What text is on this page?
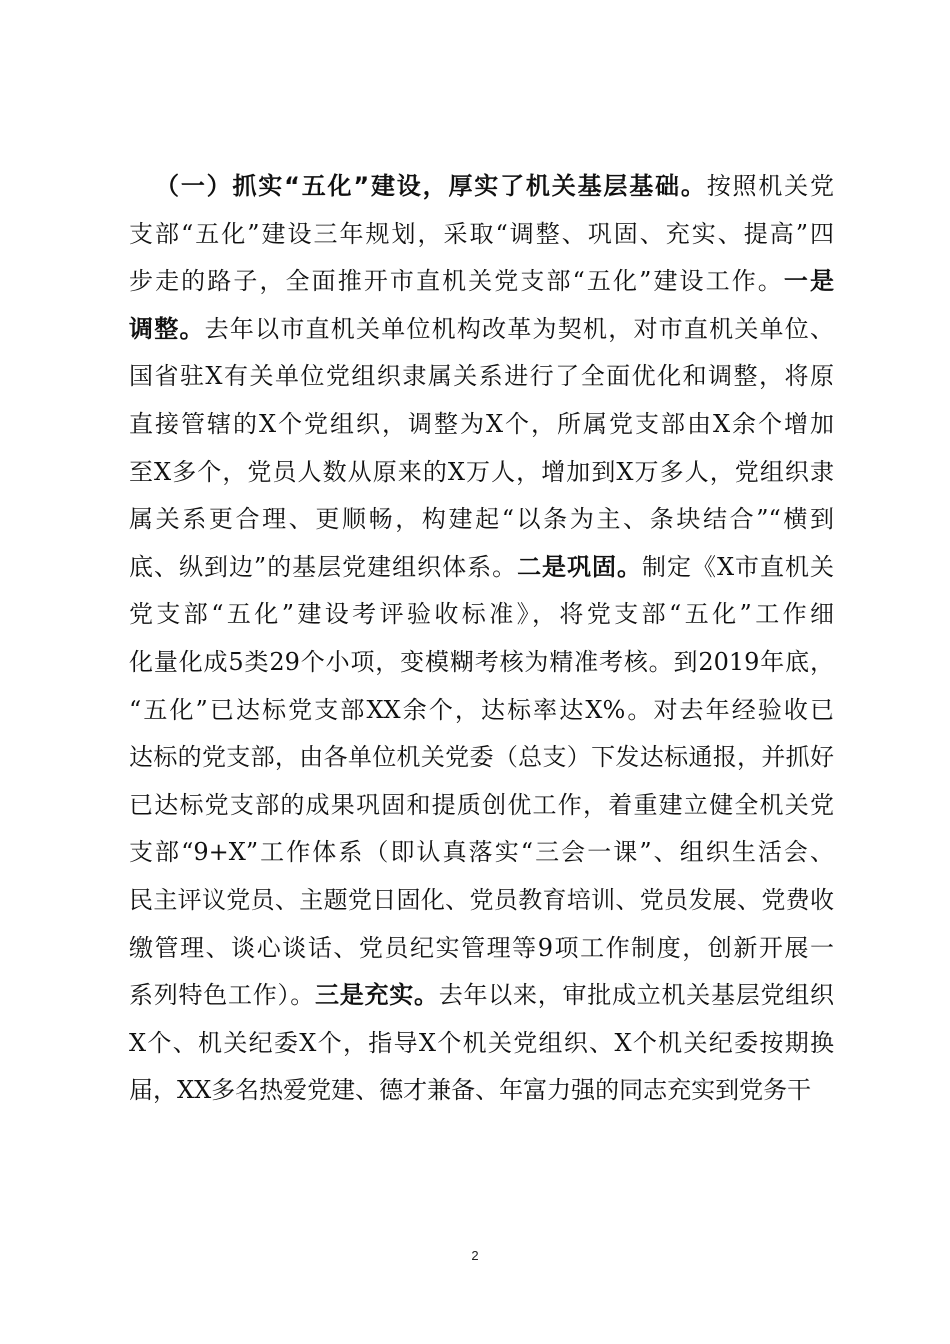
（一）抓实“五化”建设，厚实了机关基层基础。按照机关党
支部“五化”建设三年规划，采取“调整、巩固、充实、提高”四
步走的路子，全面推开市直机关党支部“五化”建设工作。一是
调整。去年以市直机关单位机构改革为契机，对市直机关单位、
国省驻X有关单位党组织隶属关系进行了全面优化和调整，将原
直接管辖的X个党组织，调整为X个，所属党支部由X余个增加
至X多个，党员人数从原来的X万人，增加到X万多人，党组织隶
属关系更合理、更顺畅，构建起“以条为主、条块结合”“横到
底、纵到边”的基层党建组织体系。二是巩固。制定《X市直机关
党支部“五化”建设考评验收标准》，将党支部“五化”工作细
化量化成5类29个小项，变模糊考核为精准考核。到2019年底，
“五化”已达标党支部XX余个，达标率达X%。对去年经验收已
达标的党支部，由各单位机关党委（总支）下发达标通报，并抓好
已达标党支部的成果巩固和提质创优工作，着重建立健全机关党
支部“9+X”工作体系（即认真落实“三会一课”、组织生活会、
民主评议党员、主题党日固化、党员教育培训、党员发展、党费收
缴管理、谈心谈话、党员纪实管理等9项工作制度，创新开展一
系列特色工作）。三是充实。去年以来，审批成立机关基层党组织
X个、机关纪委X个，指导X个机关党组织、X个机关纪委按期换
届，XX多名热爱党建、德才兼备、年富力强的同志充实到党务干
2
